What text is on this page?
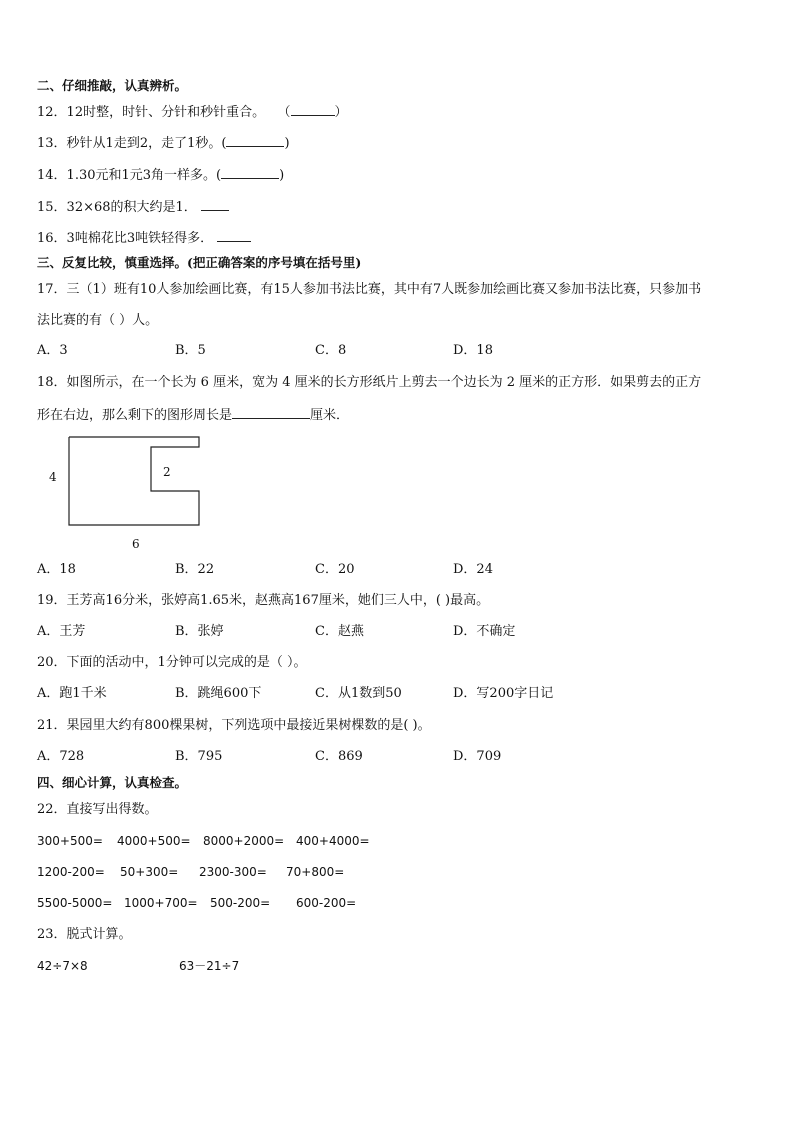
二、仔细推敲，认真辨析。
12．12时整，时针、分针和秒针重合。 （	）
13．秒针从1走到2，走了1秒。(	)
14．1.30元和1元3角一样多。(	)
15．32×68的积大约是1．
16．3吨棉花比3吨铁轻得多．
三、反复比较，慎重选择。(把正确答案的序号填在括号里)
17．三（1）班有10人参加绘画比赛，有15人参加书法比赛，其中有7人既参加绘画比赛又参加书法比赛，只参加书
法比赛的有（ ）人。
A．3	B．5	C．8	D．18
18．如图所示，在一个长为 6 厘米，宽为 4 厘米的长方形纸片上剪去一个边长为 2 厘米的正方形．如果剪去的正方
形在右边，那么剩下的图形周长是	厘米．
4	2
6
A．18	B．22	C．20	D．24
19．王芳高16分米，张婷高1.65米，赵燕高167厘米，她们三人中，( )最高。
A．王芳	B．张婷	C．赵燕	D．不确定
20．下面的活动中，1分钟可以完成的是（ ）。
A．跑1千米	B．跳绳600下	C．从1数到50	D．写200字日记
21．果园里大约有800棵果树，下列选项中最接近果树棵数的是( )。
A．728	B．795	C．869	D．709
四、细心计算，认真检查。
22．直接写出得数。
300+500= 4000+500= 8000+2000= 400+4000=
1200-200= 50+300= 2300-300= 70+800=
5500-5000= 1000+700= 500-200= 600-200=
23．脱式计算。
42÷7×8	63－21÷7
